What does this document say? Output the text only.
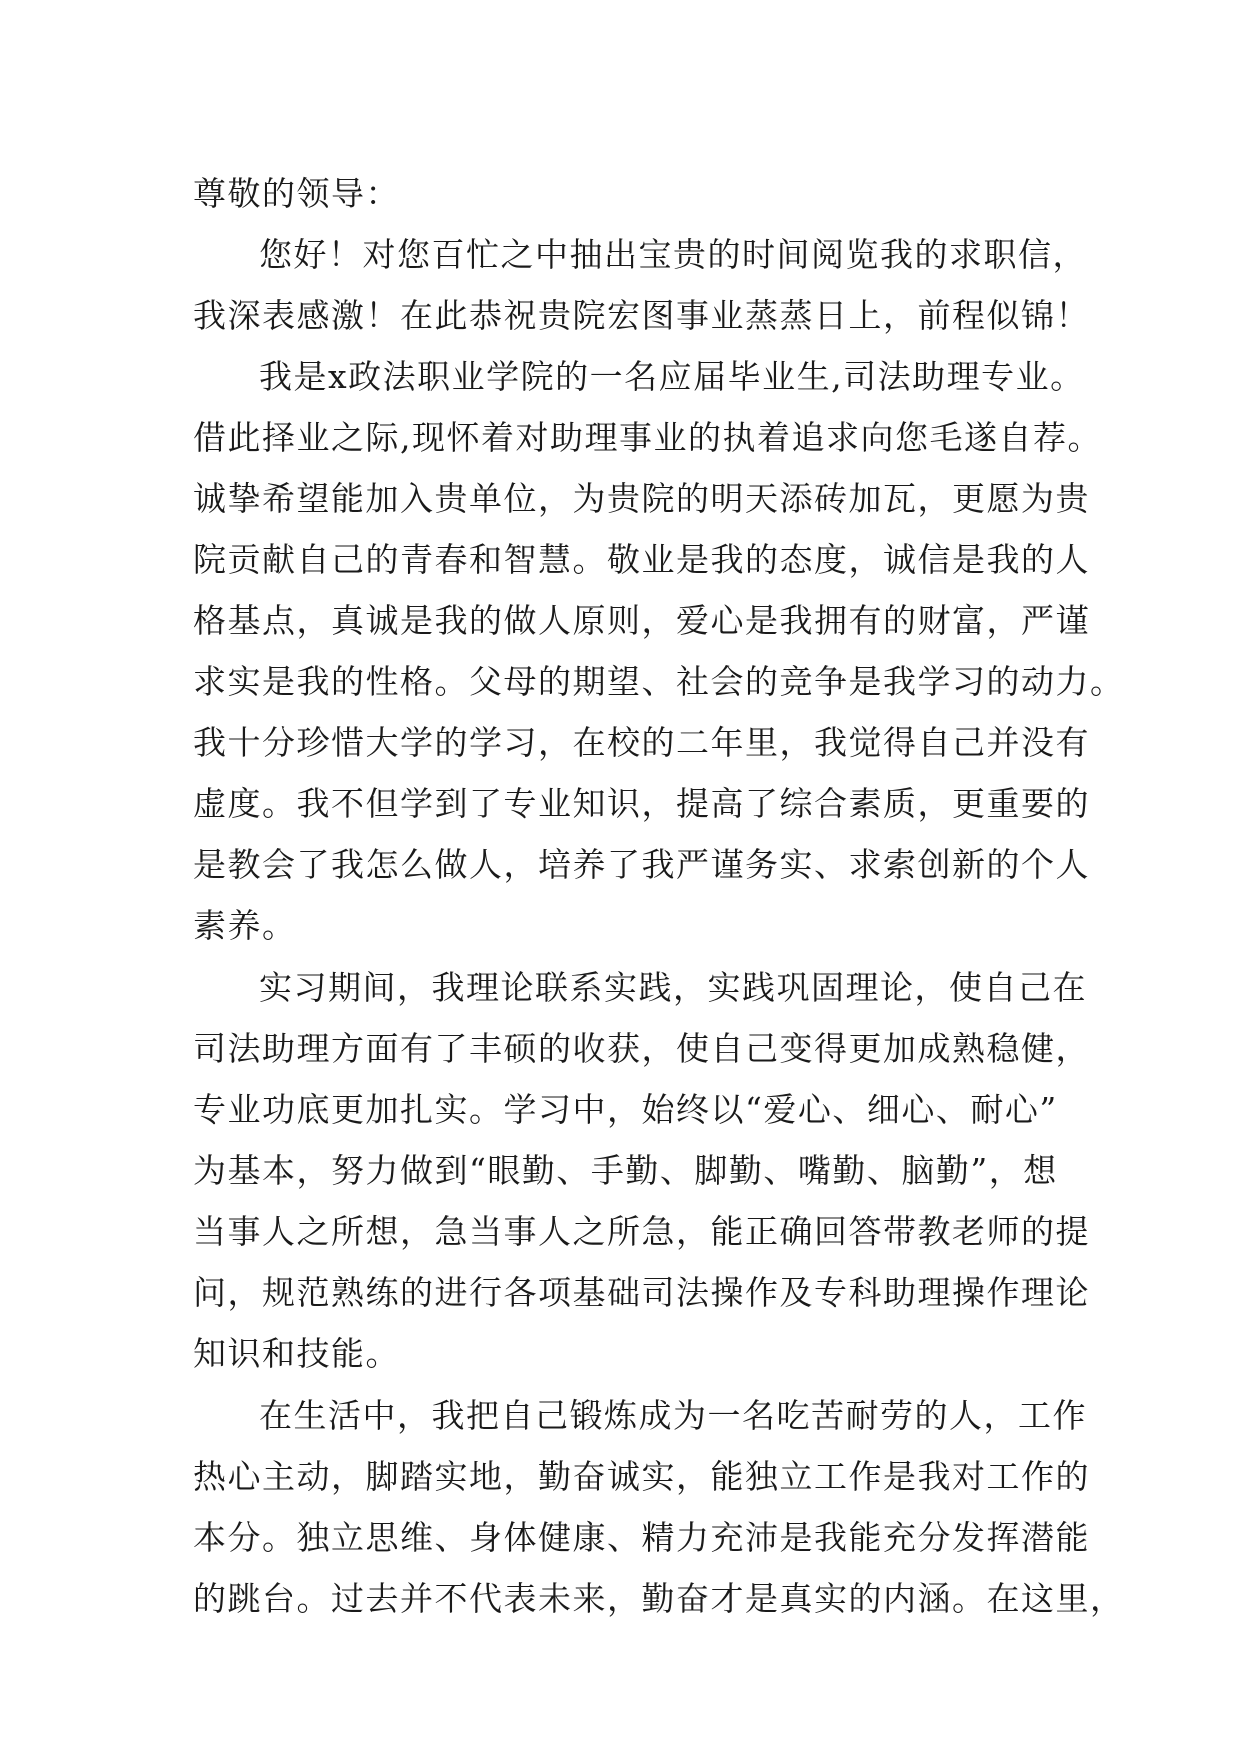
尊敬的领导：
您好！对您百忙之中抽出宝贵的时间阅览我的求职信，
我深表感激！在此恭祝贵院宏图事业蒸蒸日上，前程似锦！
我是x政法职业学院的一名应届毕业生,司法助理专业。
借此择业之际,现怀着对助理事业的执着追求向您毛遂自荐。
诚挚希望能加入贵单位，为贵院的明天添砖加瓦，更愿为贵
院贡献自己的青春和智慧。敬业是我的态度，诚信是我的人
格基点，真诚是我的做人原则，爱心是我拥有的财富，严谨
求实是我的性格。父母的期望、社会的竞争是我学习的动力。
我十分珍惜大学的学习，在校的二年里，我觉得自己并没有
虚度。我不但学到了专业知识，提高了综合素质，更重要的
是教会了我怎么做人，培养了我严谨务实、求索创新的个人
素养。
实习期间，我理论联系实践，实践巩固理论，使自己在
司法助理方面有了丰硕的收获，使自己变得更加成熟稳健，
专业功底更加扎实。学习中，始终以“爱心、细心、耐心”
为基本，努力做到“眼勤、手勤、脚勤、嘴勤、脑勤”，想
当事人之所想，急当事人之所急，能正确回答带教老师的提
问，规范熟练的进行各项基础司法操作及专科助理操作理论
知识和技能。
在生活中，我把自己锻炼成为一名吃苦耐劳的人，工作
热心主动，脚踏实地，勤奋诚实，能独立工作是我对工作的
本分。独立思维、身体健康、精力充沛是我能充分发挥潜能
的跳台。过去并不代表未来，勤奋才是真实的内涵。在这里，
